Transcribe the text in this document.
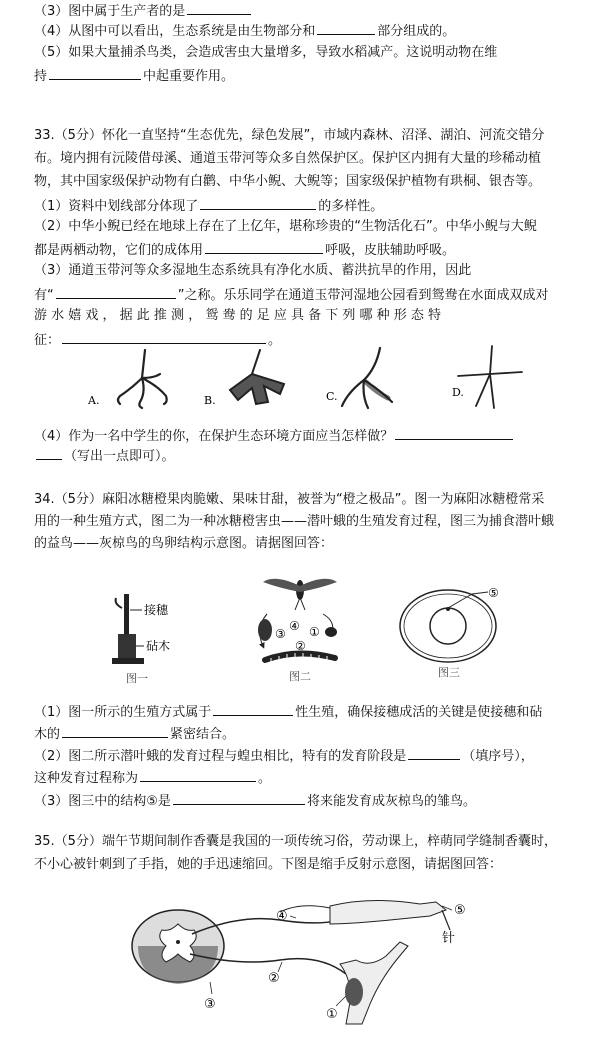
（3）图中属于生产者的是
（4）从图中可以看出，生态系统是由生物部分和	部分组成的。
（5）如果大量捕杀鸟类，会造成害虫大量增多，导致水稻减产。这说明动物在维
持	中起重要作用。
33.（5分）怀化一直坚持“生态优先，绿色发展”，市域内森林、沼泽、湖泊、河流交错分
布。境内拥有沅陵借母溪、通道玉带河等众多自然保护区。保护区内拥有大量的珍稀动植
物，其中国家级保护动物有白鹳、中华小鲵、大鲵等；国家级保护植物有珙桐、银杏等。
（1）资料中划线部分体现了	的多样性。
（2）中华小鲵已经在地球上存在了上亿年，堪称珍贵的“生物活化石”。中华小鲵与大鲵
都是两栖动物，它们的成体用	呼吸，皮肤辅助呼吸。
（3）通道玉带河等众多湿地生态系统具有净化水质、蓄洪抗旱的作用，因此
有“	”之称。乐乐同学在通道玉带河湿地公园看到鸳鸯在水面成双成对
游 水 嬉 戏 ， 据 此 推 测 ， 鸳 鸯 的 足 应 具 备 下 列 哪 种 形 态 特
征：	。
A.	B.	C.	D.
（4）作为一名中学生的你，在保护生态环境方面应当怎样做？
（写出一点即可）。
34.（5分）麻阳冰糖橙果肉脆嫩、果味甘甜，被誉为“橙之极品”。图一为麻阳冰糖橙常采
用的一种生殖方式，图二为一种冰糖橙害虫——潜叶蛾的生殖发育过程，图三为捕食潜叶蛾
的益鸟——灰椋鸟的鸟卵结构示意图。请据图回答：
接穗
砧木
图一
④ ①
③
②
图二
⑤
图三
（1）图一所示的生殖方式属于	性生殖，确保接穗成活的关键是使接穗和砧
木的	紧密结合。
（2）图二所示潜叶蛾的发育过程与蝗虫相比，特有的发育阶段是	（填序号），
这种发育过程称为	。
（3）图三中的结构⑤是	将来能发育成灰椋鸟的雏鸟。
35.（5分）端午节期间制作香囊是我国的一项传统习俗，劳动课上，梓萌同学缝制香囊时，
不小心被针刺到了手指，她的手迅速缩回。下图是缩手反射示意图，请据图回答：
针
④
②
①
⑤
③
